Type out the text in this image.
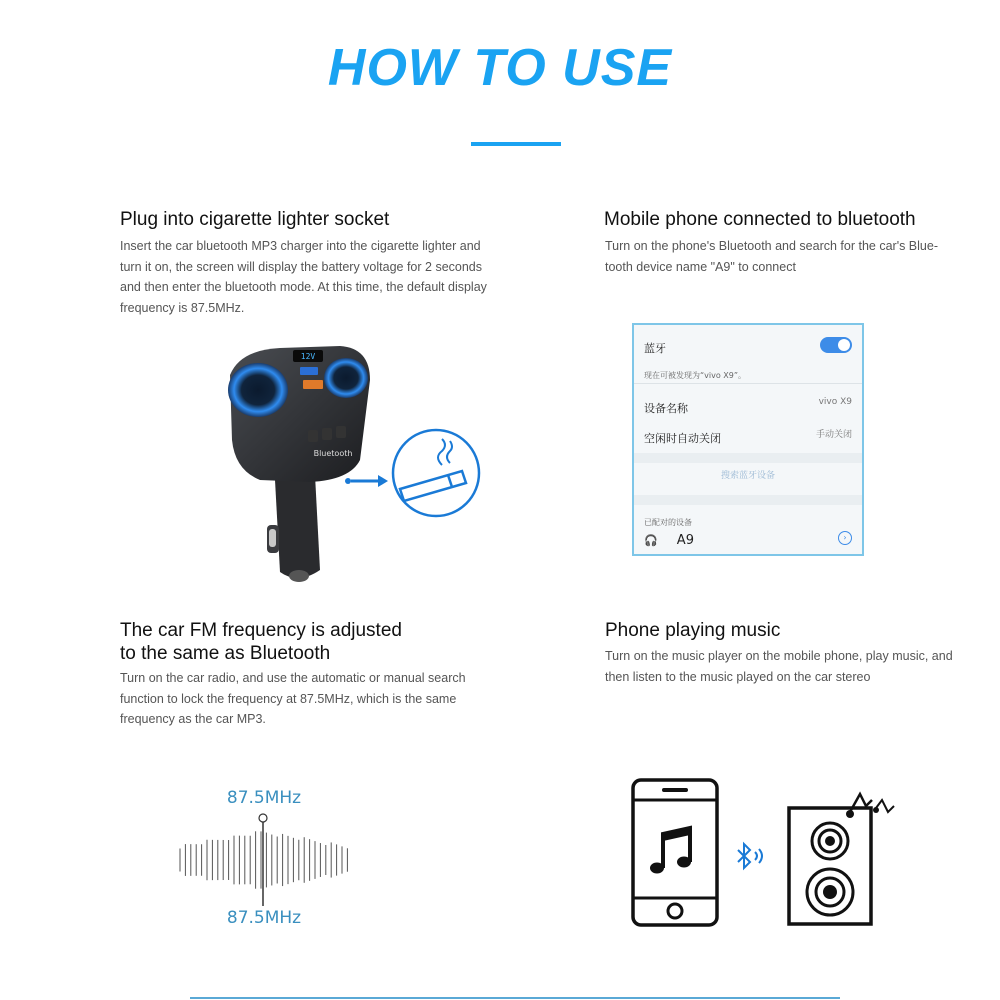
HOW TO USE
Plug into cigarette lighter socket
Insert the car bluetooth MP3 charger into the cigarette lighter and turn it on, the screen will display the battery voltage for 2 seconds and then enter the bluetooth mode. At this time, the default display frequency is 87.5MHz.
Mobile phone connected to bluetooth
Turn on the phone's Bluetooth and search for the car's Blue-tooth device name "A9" to connect
12V
Bluetooth
蓝牙
现在可被发现为“vivo X9”。
设备名称	vivo X9
空闲时自动关闭	手动关闭
搜索蓝牙设备
已配对的设备
🎧 A9	›
The car FM frequency is adjusted
to the same as Bluetooth
Turn on the car radio, and use the automatic or manual search function to lock the frequency at 87.5MHz, which is the same frequency as the car MP3.
Phone playing music
Turn on the music player on the mobile phone, play music, and then listen to the music played on the car stereo
87.5MHz
87.5MHz
